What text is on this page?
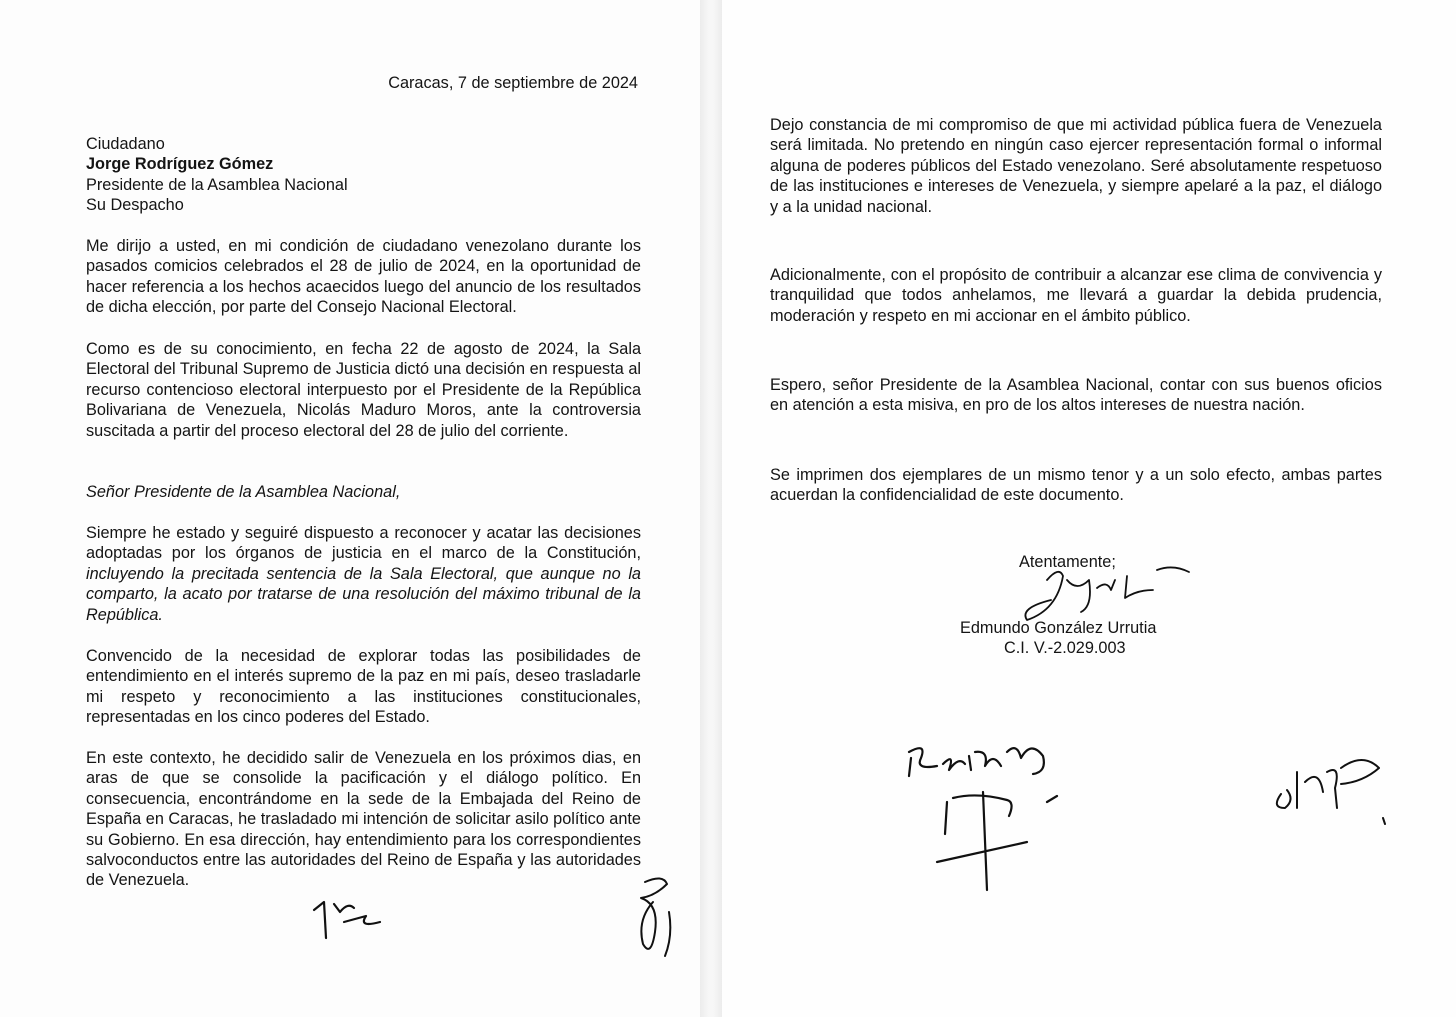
Caracas, 7 de septiembre de 2024

Ciudadano
Jorge Rodríguez Gómez
Presidente de la Asamblea Nacional
Su Despacho

Me dirijo a usted, en mi condición de ciudadano venezolano durante los pasados comicios celebrados el 28 de julio de 2024, en la oportunidad de hacer referencia a los hechos acaecidos luego del anuncio de los resultados de dicha elección, por parte del Consejo Nacional Electoral.

Como es de su conocimiento, en fecha 22 de agosto de 2024, la Sala Electoral del Tribunal Supremo de Justicia dictó una decisión en respuesta al recurso contencioso electoral interpuesto por el Presidente de la República Bolivariana de Venezuela, Nicolás Maduro Moros, ante la controversia suscitada a partir del proceso electoral del 28 de julio del corriente.

Señor Presidente de la Asamblea Nacional,

Siempre he estado y seguiré dispuesto a reconocer y acatar las decisiones adoptadas por los órganos de justicia en el marco de la Constitución, incluyendo la precitada sentencia de la Sala Electoral, que aunque no la comparto, la acato por tratarse de una resolución del máximo tribunal de la República.

Convencido de la necesidad de explorar todas las posibilidades de entendimiento en el interés supremo de la paz en mi país, deseo trasladarle mi respeto y reconocimiento a las instituciones constitucionales, representadas en los cinco poderes del Estado.

En este contexto, he decidido salir de Venezuela en los próximos dias, en aras de que se consolide la pacificación y el diálogo político. En consecuencia, encontrándome en la sede de la Embajada del Reino de España en Caracas, he trasladado mi intención de solicitar asilo político ante su Gobierno. En esa dirección, hay entendimiento para los correspondientes salvoconductos entre las autoridades del Reino de España y las autoridades de Venezuela.

Dejo constancia de mi compromiso de que mi actividad pública fuera de Venezuela será limitada. No pretendo en ningún caso ejercer representación formal o informal alguna de poderes públicos del Estado venezolano. Seré absolutamente respetuoso de las instituciones e intereses de Venezuela, y siempre apelaré a la paz, el diálogo y a la unidad nacional.

Adicionalmente, con el propósito de contribuir a alcanzar ese clima de convivencia y tranquilidad que todos anhelamos, me llevará a guardar la debida prudencia, moderación y respeto en mi accionar en el ámbito público.

Espero, señor Presidente de la Asamblea Nacional, contar con sus buenos oficios en atención a esta misiva, en pro de los altos intereses de nuestra nación.

Se imprimen dos ejemplares de un mismo tenor y a un solo efecto, ambas partes acuerdan la confidencialidad de este documento.

Atentamente;
Edmundo González Urrutia
C.I. V.-2.029.003
